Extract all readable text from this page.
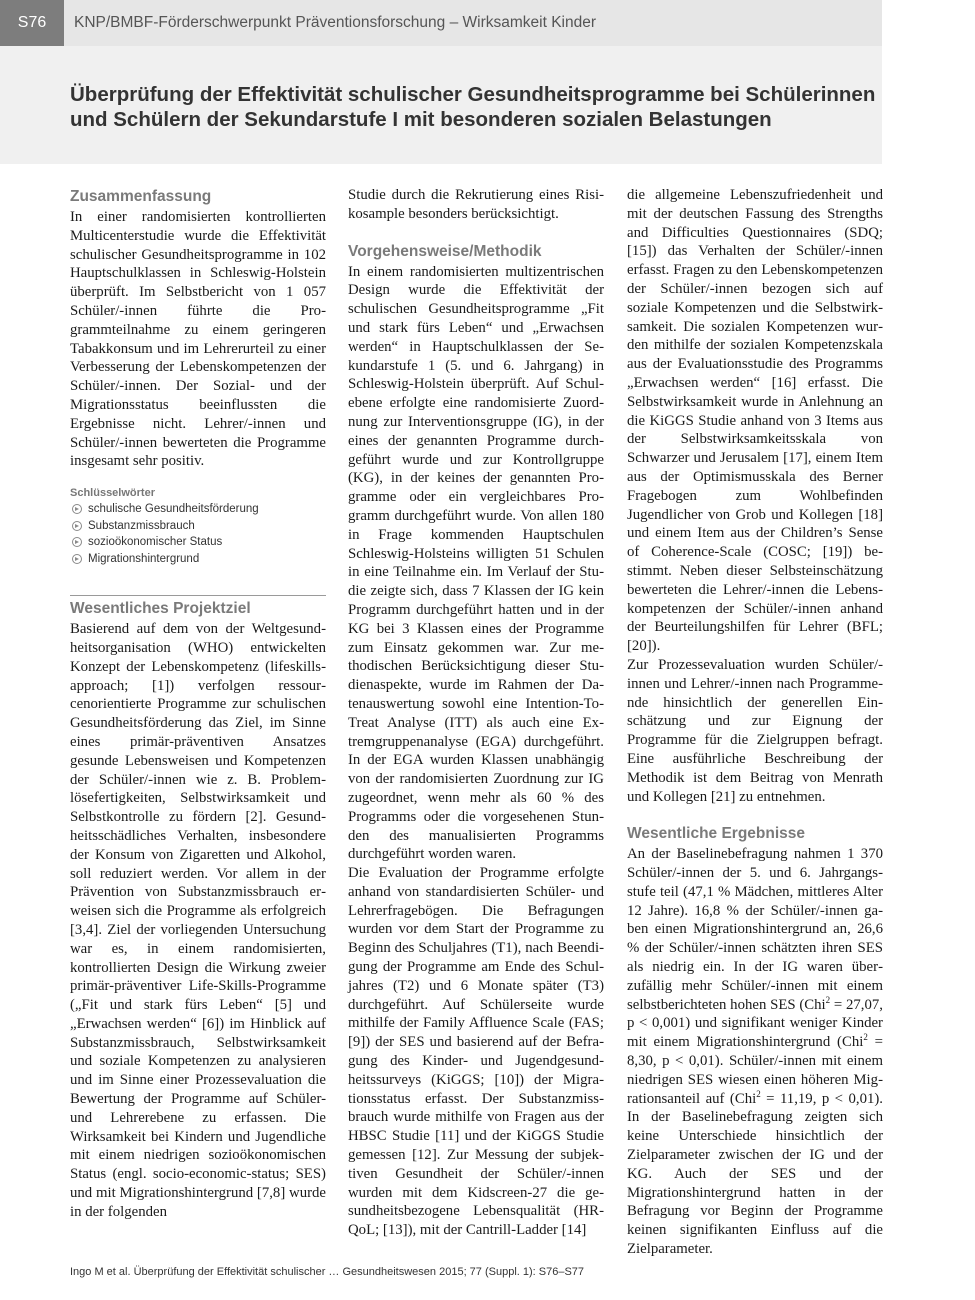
S76	KNP/BMBF-Förderschwerpunkt Präventionsforschung – Wirksamkeit Kinder
Überprüfung der Effektivität schulischer Gesundheitsprogramme bei Schülerinnen
und Schülern der Sekundarstufe I mit besonderen sozialen Belastungen
Zusammenfassung

In einer randomisierten kontrollierten Multicenterstudie wurde die Effektivität schulischer Gesundheitsprogramme in 102 Hauptschulklassen in Schleswig-Holstein überprüft. Im Selbstbericht von 1 057 Schüler/-innen führte die Programmteilnahme zu einem geringeren Tabakkonsum und im Lehrerurteil zu einer Verbesserung der Lebenskompetenzen der Schüler/-innen. Der Sozial- und der Migrationsstatus beeinflussten die Ergebnisse nicht. Lehrer/-innen und Schüler/-innen bewerteten die Programme insgesamt sehr positiv.

Schlüsselwörter
schulische Gesundheitsförderung
Substanzmissbrauch
sozioökonomischer Status
Migrationshintergrund
Wesentliches Projektziel

Basierend auf dem von der Weltgesundheitsorganisation (WHO) entwickelten Konzept der Lebenskompetenz (lifeskills-approach; [1]) verfolgen ressourcenorientierte Programme zur schulischen Gesundheitsförderung das Ziel, im Sinne eines primär-präventiven Ansatzes gesunde Lebensweisen und Kompetenzen der Schüler/-innen wie z. B. Problemlösefertigkeiten, Selbstwirksamkeit und Selbstkontrolle zu fördern [2]. Gesundheitsschädliches Verhalten, insbesondere der Konsum von Zigaretten und Alkohol, soll reduziert werden. Vor allem in der Prävention von Substanzmissbrauch erweisen sich die Programme als erfolgreich [3,4]. Ziel der vorliegenden Untersuchung war es, in einem randomisierten, kontrollierten Design die Wirkung zweier primär-präventiver Life-Skills-Programme („Fit und stark fürs Leben“ [5] und „Erwachsen werden“ [6]) im Hinblick auf Substanzmissbrauch, Selbstwirksamkeit und soziale Kompetenzen zu analysieren und im Sinne einer Prozessevaluation die Bewertung der Programme auf Schüler- und Lehrerebene zu erfassen. Die Wirksamkeit bei Kindern und Jugendliche mit einem niedrigen sozioökonomischen Status (engl. socio-economic-status; SES) und mit Migrationshintergrund [7,8] wurde in der folgenden

Studie durch die Rekrutierung eines Risikosample besonders berücksichtigt.

Vorgehensweise/Methodik

In einem randomisierten multizentrischen Design wurde die Effektivität der schulischen Gesundheitsprogramme „Fit und stark fürs Leben“ und „Erwachsen werden“ in Hauptschulklassen der Sekundarstufe 1 (5. und 6. Jahrgang) in Schleswig-Holstein überprüft. Auf Schulebene erfolgte eine randomisierte Zuordnung zur Interventionsgruppe (IG), in der eines der genannten Programme durchgeführt wurde und zur Kontrollgruppe (KG), in der keines der genannten Programme oder ein vergleichbares Programm durchgeführt wurde. Von allen 180 in Frage kommenden Hauptschulen Schleswig-Holsteins willigten 51 Schulen in eine Teilnahme ein. Im Verlauf der Studie zeigte sich, dass 7 Klassen der IG kein Programm durchgeführt hatten und in der KG bei 3 Klassen eines der Programme zum Einsatz gekommen war. Zur methodischen Berücksichtigung dieser Studienaspekte, wurde im Rahmen der Datenauswertung sowohl eine Intention-To-Treat Analyse (ITT) als auch eine Extremgruppenanalyse (EGA) durchgeführt. In der EGA wurden Klassen unabhängig von der randomisierten Zuordnung zur IG zugeordnet, wenn mehr als 60 % des Programms oder die vorgesehenen Stunden des manualisierten Programms durchgeführt worden waren.

Die Evaluation der Programme erfolgte anhand von standardisierten Schüler- und Lehrerfragebögen. Die Befragungen wurden vor dem Start der Programme zu Beginn des Schuljahres (T1), nach Beendigung der Programme am Ende des Schuljahres (T2) und 6 Monate später (T3) durchgeführt. Auf Schülerseite wurde mithilfe der Family Affluence Scale (FAS; [9]) der SES und basierend auf der Befragung des Kinder- und Jugendgesundheitssurveys (KiGGS; [10]) der Migrationsstatus erfasst. Der Substanzmissbrauch wurde mithilfe von Fragen aus der HBSC Studie [11] und der KiGGS Studie gemessen [12]. Zur Messung der subjektiven Gesundheit der Schüler/-innen wurden mit dem Kidscreen-27 die gesundheitsbezogene Lebensqualität (HRQoL; [13]), mit der Cantrill-Ladder [14]

die allgemeine Lebenszufriedenheit und mit der deutschen Fassung des Strengths and Difficulties Questionnaires (SDQ; [15]) das Verhalten der Schüler/-innen erfasst. Fragen zu den Lebenskompetenzen der Schüler/-innen bezogen sich auf soziale Kompetenzen und die Selbstwirksamkeit. Die sozialen Kompetenzen wurden mithilfe der sozialen Kompetenzskala aus der Evaluationsstudie des Programms „Erwachsen werden“ [16] erfasst. Die Selbstwirksamkeit wurde in Anlehnung an die KiGGS Studie anhand von 3 Items aus der Selbstwirksamkeitsskala von Schwarzer und Jerusalem [17], einem Item aus der Optimismusskala des Berner Fragebogen zum Wohlbefinden Jugendlicher von Grob und Kollegen [18] und einem Item aus der Children’s Sense of Coherence-Scale (COSC; [19]) bestimmt. Neben dieser Selbsteinschätzung bewerteten die Lehrer/-innen die Lebenskompetenzen der Schüler/-innen anhand der Beurteilungshilfen für Lehrer (BFL; [20]).

Zur Prozessevaluation wurden Schüler/-innen und Lehrer/-innen nach Programmende hinsichtlich der generellen Einschätzung und zur Eignung der Programme für die Zielgruppen befragt. Eine ausführliche Beschreibung der Methodik ist dem Beitrag von Menrath und Kollegen [21] zu entnehmen.

Wesentliche Ergebnisse

An der Baselinebefragung nahmen 1 370 Schüler/-innen der 5. und 6. Jahrgangsstufe teil (47,1 % Mädchen, mittleres Alter 12 Jahre). 16,8 % der Schüler/-innen gaben einen Migrationshintergrund an, 26,6 % der Schüler/-innen schätzten ihren SES als niedrig ein. In der IG waren überzufällig mehr Schüler/-innen mit einem selbstberichteten hohen SES (Chi$^2$ = 27,07, p < 0,001) und signifikant weniger Kinder mit einem Migrationshintergrund (Chi$^2$ = 8,30, p < 0,01). Schüler/-innen mit einem niedrigen SES wiesen einen höheren Migrationsanteil auf (Chi$^2$ = 11,19, p < 0,01). In der Baselinebefragung zeigten sich keine Unterschiede hinsichtlich der Zielparameter zwischen der IG und der KG. Auch der SES und der Migrationshintergrund hatten in der Befragung vor Beginn der Programme keinen signifikanten Einfluss auf die Zielparameter.

Ingo M et al. Überprüfung der Effektivität schulischer … Gesundheitswesen 2015; 77 (Suppl. 1): S76–S77
